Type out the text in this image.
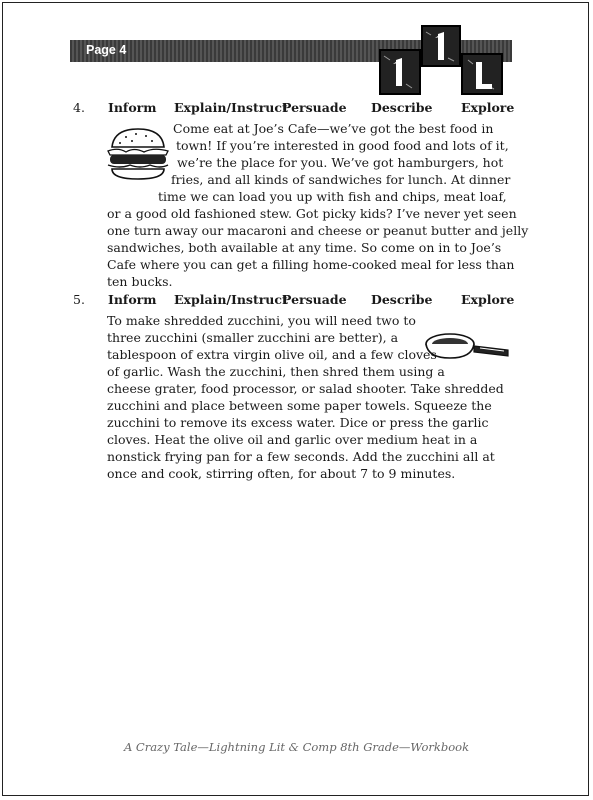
Page 4
4. Inform Explain/Instruct
Persuade Describe Explore
Come eat at Joe’s Cafe—we’ve got the best food in
town! If you’re interested in good food and lots of it,
we’re the place for you. We’ve got hamburgers, hot
fries, and all kinds of sandwiches for lunch. At dinner
time we can load you up with fish and chips, meat loaf,
or a good old fashioned stew. Got picky kids? I’ve never yet seen
one turn away our macaroni and cheese or peanut butter and jelly
sandwiches, both available at any time. So come on in to Joe’s
Cafe where you can get a filling home-cooked meal for less than
ten bucks.
5. Inform Explain/Instruct
Persuade Describe Explore
To make shredded zucchini, you will need two to
three zucchini (smaller zucchini are better), a
tablespoon of extra virgin olive oil, and a few cloves
of garlic. Wash the zucchini, then shred them using a
cheese grater, food processor, or salad shooter. Take shredded
zucchini and place between some paper towels. Squeeze the
zucchini to remove its excess water. Dice or press the garlic
cloves. Heat the olive oil and garlic over medium heat in a
nonstick frying pan for a few seconds. Add the zucchini all at
once and cook, stirring often, for about 7 to 9 minutes.
A Crazy Tale—Lightning Lit & Comp 8th Grade—Workbook
